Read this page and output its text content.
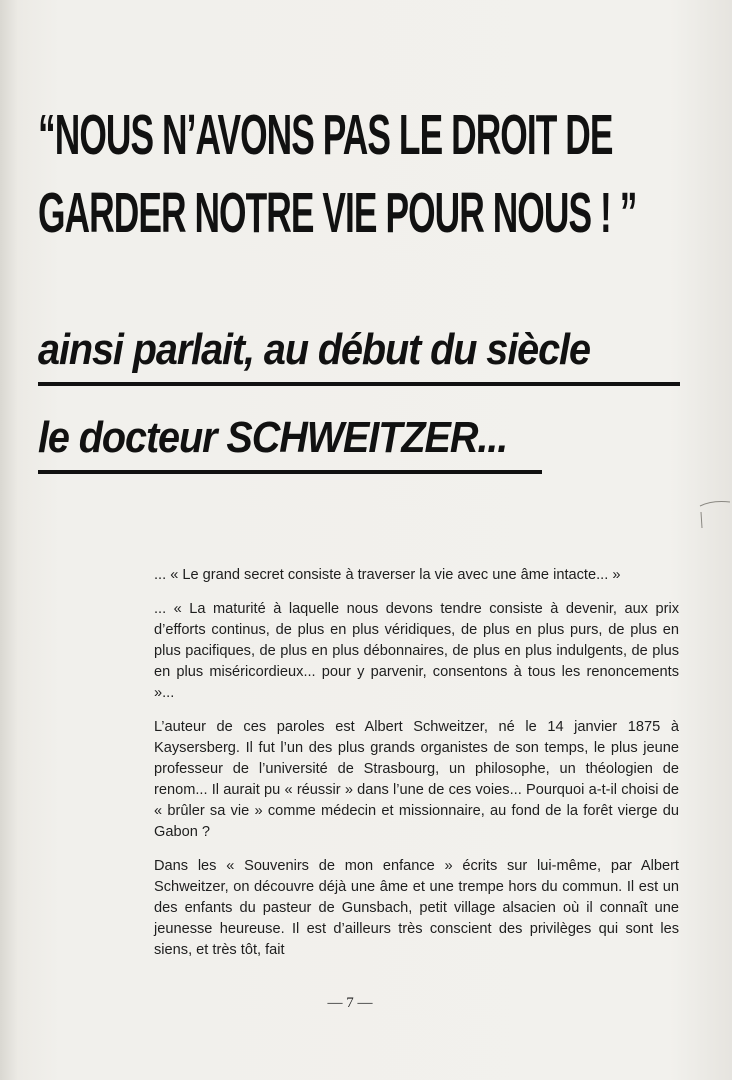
“NOUS N’AVONS PAS LE DROIT DE
GARDER NOTRE VIE POUR NOUS ! ”
ainsi parlait, au début du siècle
le docteur SCHWEITZER...

... « Le grand secret consiste à traverser la vie avec une âme intacte... »

... « La maturité à laquelle nous devons tendre consiste à devenir, aux prix d’efforts continus, de plus en plus véridiques, de plus en plus purs, de plus en plus pacifiques, de plus en plus débonnaires, de plus en plus indulgents, de plus en plus miséricordieux... pour y parvenir, consentons à tous les renoncements »...

L’auteur de ces paroles est Albert Schweitzer, né le 14 janvier 1875 à Kaysersberg. Il fut l’un des plus grands organistes de son temps, le plus jeune professeur de l’université de Strasbourg, un philosophe, un théologien de renom... Il aurait pu « réussir » dans l’une de ces voies... Pourquoi a-t-il choisi de « brûler sa vie » comme médecin et missionnaire, au fond de la forêt vierge du Gabon ?

Dans les « Souvenirs de mon enfance » écrits sur lui-même, par Albert Schweitzer, on découvre déjà une âme et une trempe hors du commun. Il est un des enfants du pasteur de Gunsbach, petit village alsacien où il connaît une jeunesse heureuse. Il est d’ailleurs très conscient des privilèges qui sont les siens, et très tôt, fait

— 7 —
